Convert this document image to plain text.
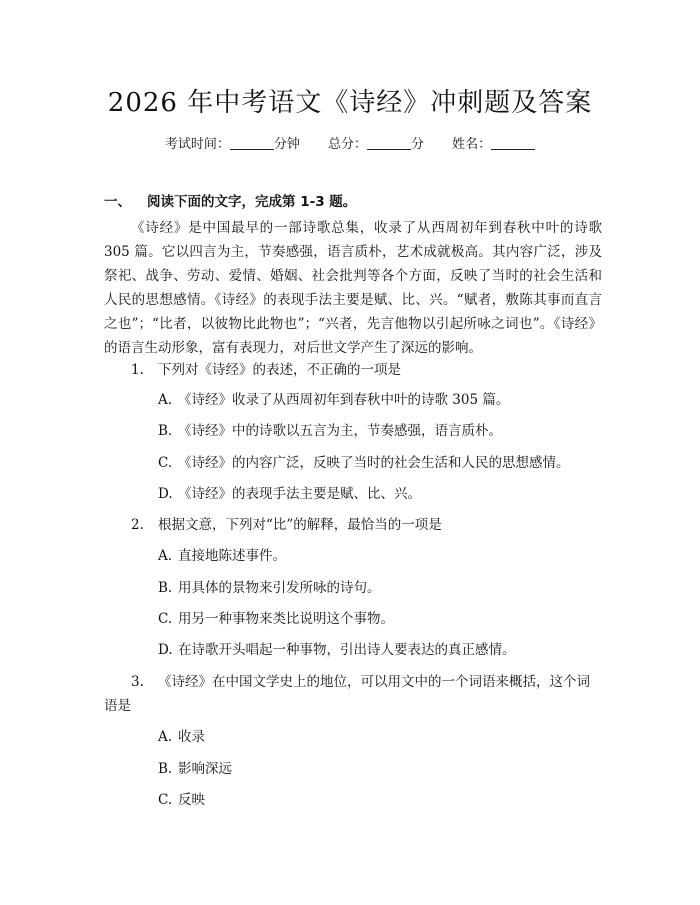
2026 年中考语文《诗经》冲刺题及答案
考试时间：	分钟 总分：	分 姓名：
一、 阅读下面的文字，完成第 1-3 题。
《诗经》是中国最早的一部诗歌总集，收录了从西周初年到春秋中叶的诗歌 305 篇。它以四言为主，节奏感强，语言质朴，艺术成就极高。其内容广泛，涉及祭祀、战争、劳动、爱情、婚姻、社会批判等各个方面，反映了当时的社会生活和人民的思想感情。《诗经》的表现手法主要是赋、比、兴。“赋者，敷陈其事而直言之也”；“比者，以彼物比此物也”；“兴者，先言他物以引起所咏之词也”。《诗经》的语言生动形象，富有表现力，对后世文学产生了深远的影响。
1. 下列对《诗经》的表述，不正确的一项是
A. 《诗经》收录了从西周初年到春秋中叶的诗歌 305 篇。
B. 《诗经》中的诗歌以五言为主，节奏感强，语言质朴。
C. 《诗经》的内容广泛，反映了当时的社会生活和人民的思想感情。
D. 《诗经》的表现手法主要是赋、比、兴。
2. 根据文意，下列对“比”的解释，最恰当的一项是
A. 直接地陈述事件。
B. 用具体的景物来引发所咏的诗句。
C. 用另一种事物来类比说明这个事物。
D. 在诗歌开头唱起一种事物，引出诗人要表达的真正感情。
3. 《诗经》在中国文学史上的地位，可以用文中的一个词语来概括，这个词
语是
A. 收录
B. 影响深远
C. 反映
